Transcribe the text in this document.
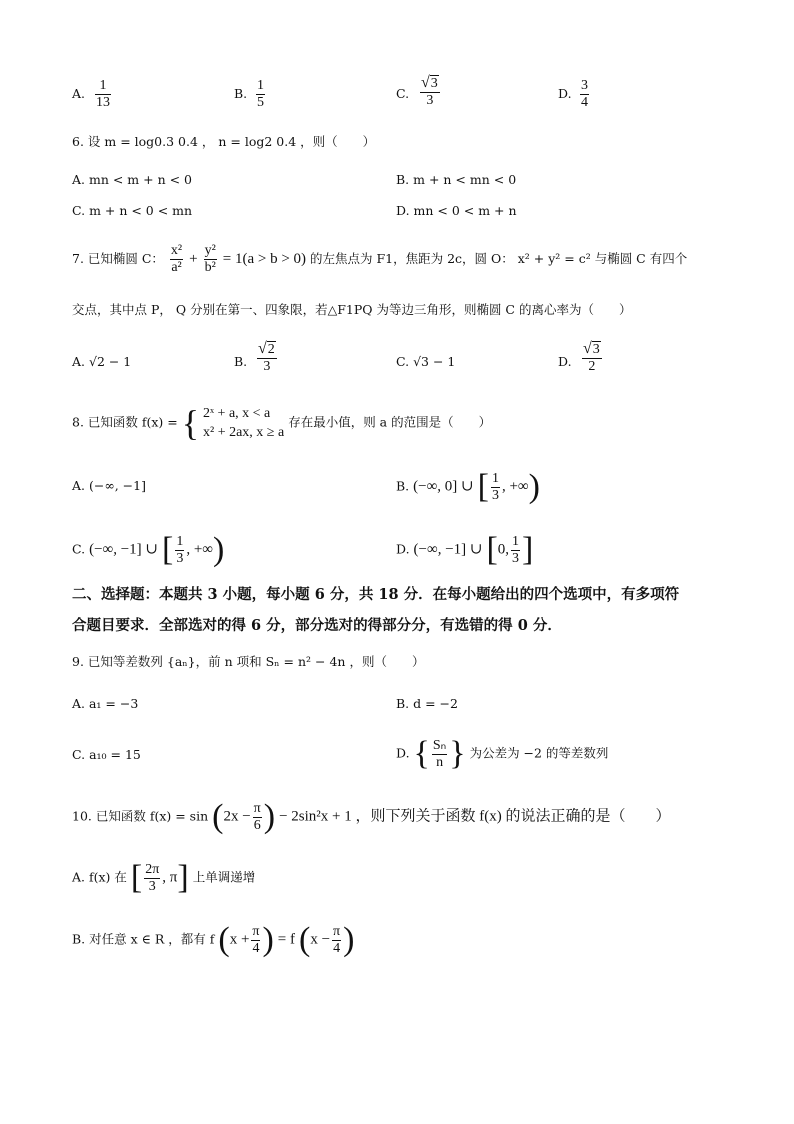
A. $\frac{1}{13}$	B. $\frac{1}{5}$	C. $\frac{√ 3}{3}$	D. $\frac{3}{4}$
6. 设 m = log0.3 0.4 ， n = log2 0.4 ，则（　　）
A. mn < m + n < 0	B. m + n < mn < 0
C. m + n < 0 < mn	D. mn < 0 < m + n
7. 已知椭圆 C： $\frac{\text{x²}}{\text{a²}} + \frac{\text{y²}}{\text{b²}} = 1(a > b > 0)$ 的左焦点为 F1，焦距为 2c，圆 O： x² + y² = c² 与椭圆 C 有四个
交点，其中点 P， Q 分别在第一、四象限，若△F1PQ 为等边三角形，则椭圆 C 的离心率为（　　）
A. √2 − 1	B. $\frac{√ 2}{3}$	C. √3 − 1	D. $\frac{√ 3}{2}$
8. 已知函数 f(x) = { 2ˣ + a, x < a
x² + 2ax, x ≥ a
存在最小值，则 a 的范围是（　　）
A. (−∞, −1]	B. (−∞, 0] ∪ [ $\frac{1}{3}$ , +∞)
C. (−∞, −1] ∪ [ $\frac{1}{3}$ , +∞)	D. (−∞, −1] ∪ [0, $\frac{1}{3}$ ]
二、选择题：本题共 3 小题，每小题 6 分，共 18 分．在每小题给出的四个选项中，有多项符
合题目要求．全部选对的得 6 分，部分选对的得部分分，有选错的得 0 分．
9. 已知等差数列 {aₙ}，前 n 项和 Sₙ = n² − 4n ，则（　　）
A. a₁ = −3	B. d = −2
C. a₁₀ = 15	D. { $\frac{\text{Sₙ}}{n}$ } 为公差为 −2 的等差数列
10. 已知函数 $f(x) = \sin (2x - \frac{\pi}{6}$ ) − 2sin²x + 1 ，则下列关于函数 f(x) 的说法正确的是（　　）
A. f(x) 在 [ $\frac{2\pi}{3}$ , π] 上单调递增
B. 对任意 x ∈ R ，都有 f ($x + \frac{\pi}{4}$ ) = f ($x - \frac{\pi}{4}$ )
